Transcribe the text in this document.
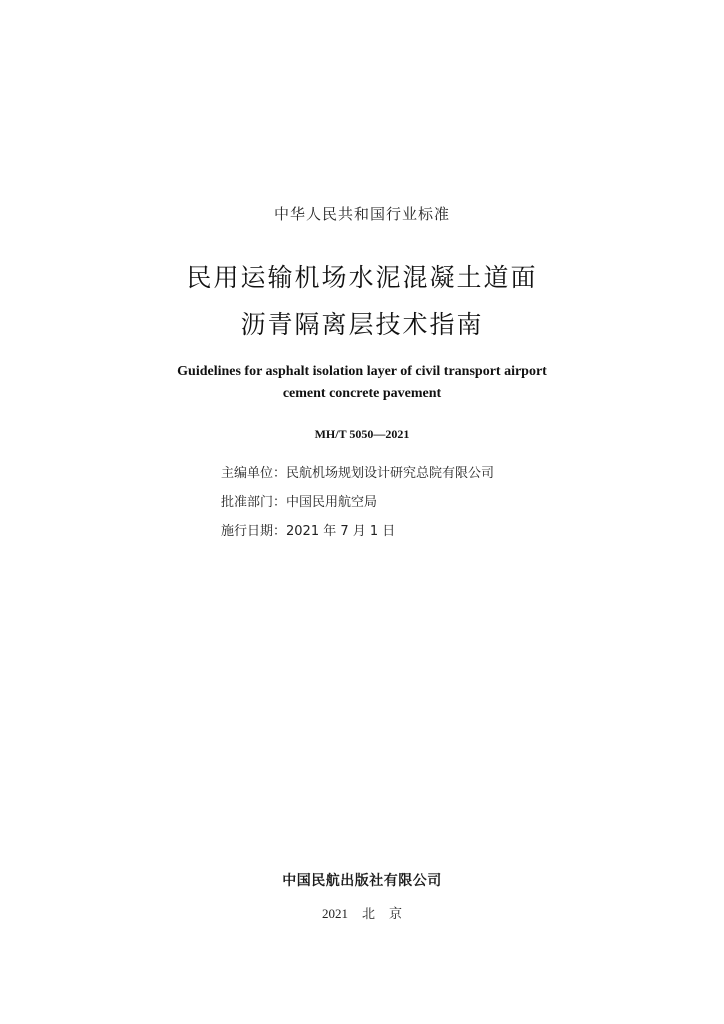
中华人民共和国行业标准
民用运输机场水泥混凝土道面
沥青隔离层技术指南
Guidelines for asphalt isolation layer of civil transport airport
cement concrete pavement
MH/T 5050—2021
主编单位：民航机场规划设计研究总院有限公司
批准部门：中国民用航空局
施行日期：2021 年 7 月 1 日
中国民航出版社有限公司
2021 北 京
